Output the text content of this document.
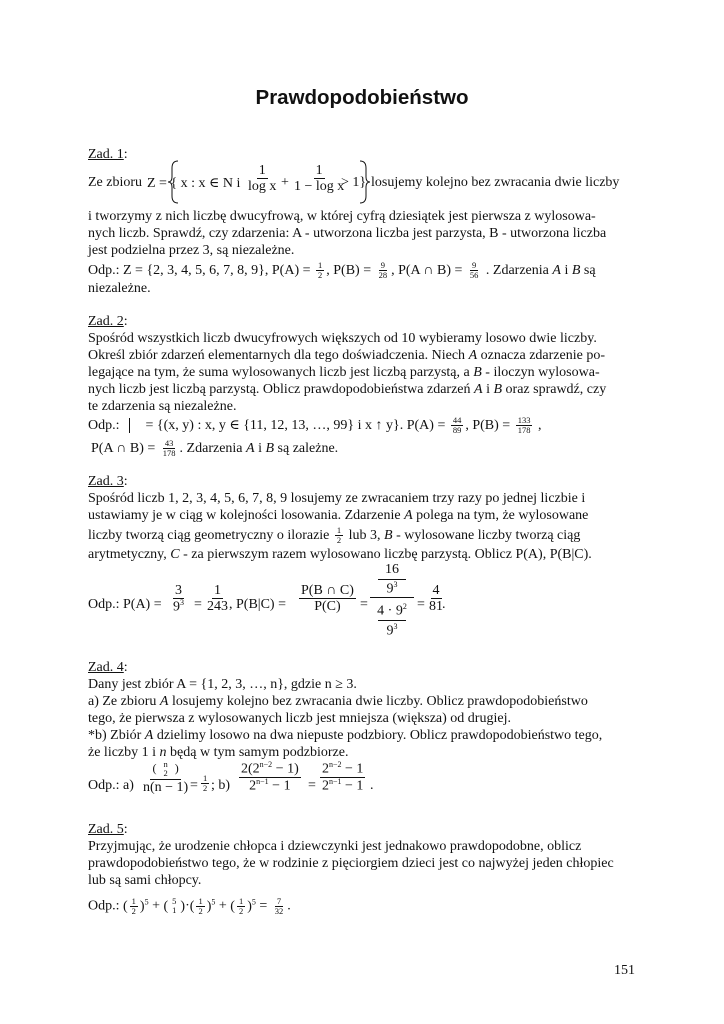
Prawdopodobieństwo
Zad. 1:
Ze zbioru Z = { x : x ∈ N i $\frac{1}{\text{log x}} + \frac{1}{\text{1 − log x}}$
> 1} losujemy kolejno bez zwracania dwie liczby
i tworzymy z nich liczbę dwucyfrową, w której cyfrą dziesiątek jest pierwsza z wylosowa-
nych liczb. Sprawdź, czy zdarzenia: A - utworzona liczba jest parzysta, B - utworzona liczba
jest podzielna przez 3, są niezależne.
Odp.: Z = {2, 3, 4, 5, 6, 7, 8, 9}, $P(A) = \frac{1}{2}$ , $P(B) = \frac{9}{28}$ , P(A ∩ $B) = \frac{9}{56}$ . Zdarzenia A i B są
niezależne.
Zad. 2:
Spośród wszystkich liczb dwucyfrowych większych od 10 wybieramy losowo dwie liczby.
Określ zbiór zdarzeń elementarnych dla tego doświadczenia. Niech A oznacza zdarzenie po-
legające na tym, że suma wylosowanych liczb jest liczbą parzystą, a B - iloczyn wylosowa-
nych liczb jest liczbą parzystą. Oblicz prawdopodobieństwa zdarzeń A i B oraz sprawdź, czy
te zdarzenia są niezależne.
Odp.: = {(x, y) : x, y ∈ {11, 12, 13, …, 99} i x ↑ y}. $P(A) = \frac{44}{89}$ , $P(B) = \frac{133}{178}$ ,
P(A ∩ $B) = \frac{43}{178}$ . Zdarzenia A i B są zależne.
Zad. 3:
Spośród liczb 1, 2, 3, 4, 5, 6, 7, 8, 9 losujemy ze zwracaniem trzy razy po jednej liczbie i
ustawiamy je w ciąg w kolejności losowania. Zdarzenie A polega na tym, że wylosowane
liczby tworzą ciąg geometryczny o ilorazie $\frac{1}{2}$ lub 3, B - wylosowane liczby tworzą ciąg
arytmetyczny, C - za pierwszym razem wylosowano liczbę parzystą. Oblicz P(A), P(B|C).
Odp.: $P(A) = \frac{3}{9^3} = \frac{1}{243}$ , $P(B|C) = \frac{P(B \cap C)}{P(C)}$ =
16
$9^3$
$4 \cdot 9^2$
$9^3$
= $\frac{4}{81}$
.
Zad. 4:
Dany jest zbiór A = {1, 2, 3, …, n}, gdzie n ≥ 3.
a) Ze zbioru A losujemy kolejno bez zwracania dwie liczby. Oblicz prawdopodobieństwo
tego, że pierwsza z wylosowanych liczb jest mniejsza (większa) od drugiej.
*b) Zbiór A dzielimy losowo na dwa niepuste podzbiory. Oblicz prawdopodobieństwo tego,
że liczby 1 i n będą w tym samym podzbiorze.
Odp.: a) ( n
2 )
$n(n - 1) = \frac{1}{2}$ ; $b) \frac{2(2^{n-2} - 1)}{2^{n-1} - 1} = \frac{2^{n-2} - 1}{2^{n-1} - 1}$ .
Zad. 5:
Przyjmując, że urodzenie chłopca i dziewczynki jest jednakowo prawdopodobne, oblicz
prawdopodobieństwo tego, że w rodzinie z pięciorgiem dzieci jest co najwyżej jeden chłopiec
lub są sami chłopcy.
Odp.: ( $\frac{1}{2} )^5$ + ( 5
1 )·( $\frac{1}{2} )^5$ + ( $\frac{1}{2} )^5 = \frac{7}{32}$ .
151
